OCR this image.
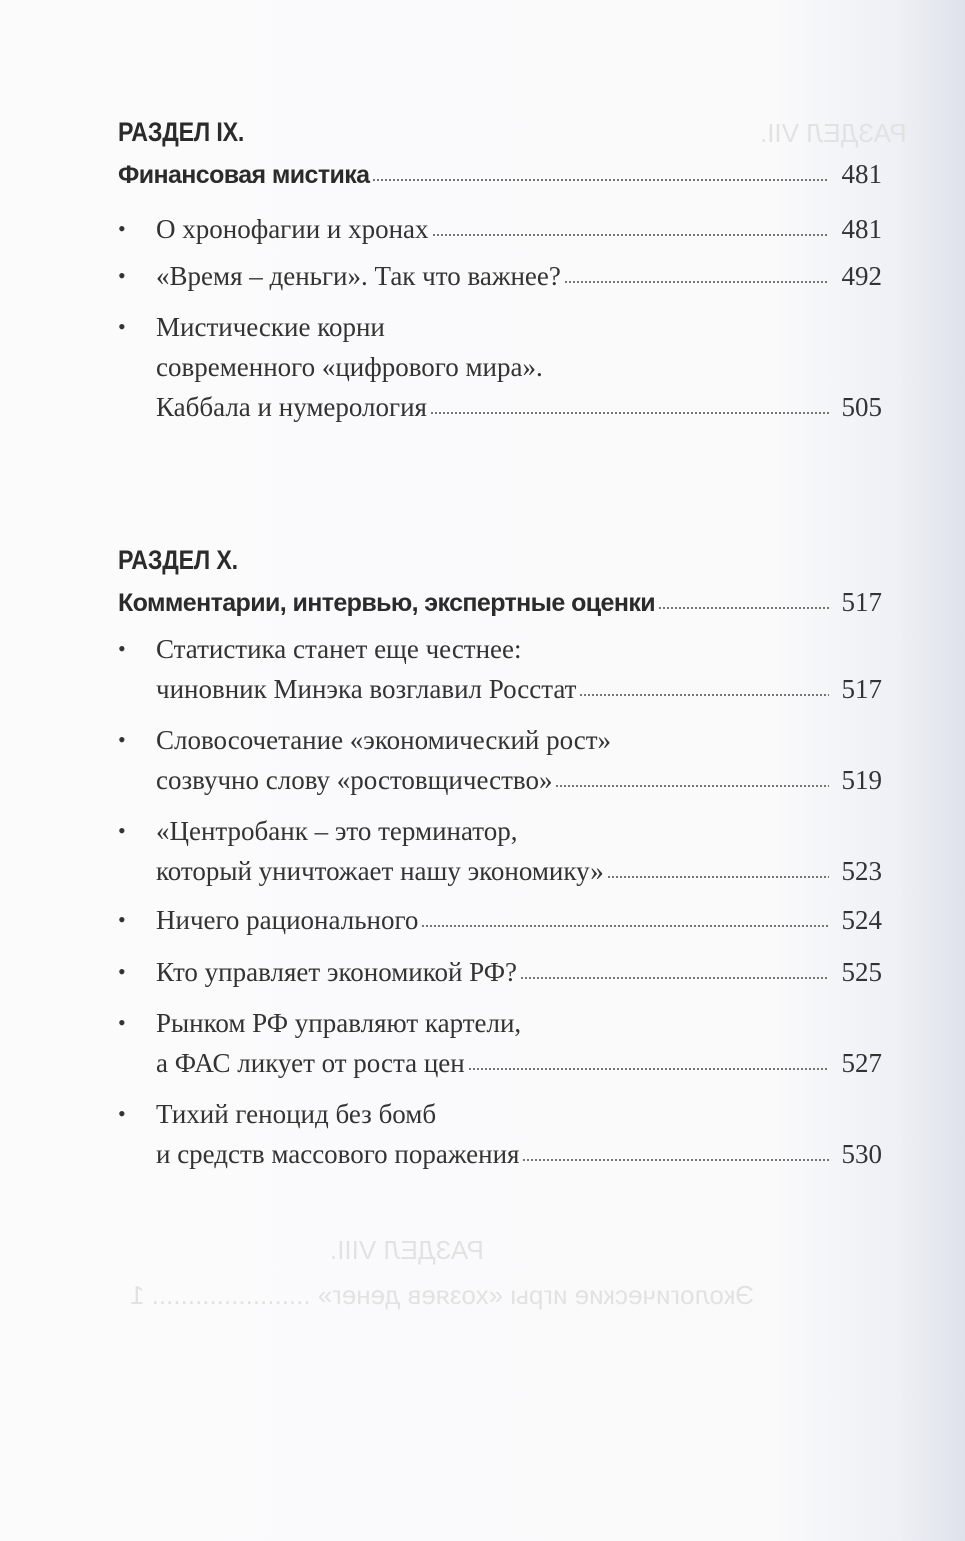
РАЗДЕЛ VII.
РАЗДЕЛ VIII.
Экологические игры «хозяев денег» ...................... 1
РАЗДЕЛ IX.
Финансовая мистика	481
•	О хронофагии и хронах	481
•	«Время – деньги». Так что важнее?	492
•	Мистические корни
современного «цифрового мира».
Каббала и нумерология	505
РАЗДЕЛ X.
Комментарии, интервью, экспертные оценки	517
•	Статистика станет еще честнее:
чиновник Минэка возглавил Росстат	517
•	Словосочетание «экономический рост»
созвучно слову «ростовщичество»	519
•	«Центробанк – это терминатор,
который уничтожает нашу экономику»	523
•	Ничего рационального	524
•	Кто управляет экономикой РФ?	525
•	Рынком РФ управляют картели,
а ФАС ликует от роста цен	527
•	Тихий геноцид без бомб
и средств массового поражения	530
